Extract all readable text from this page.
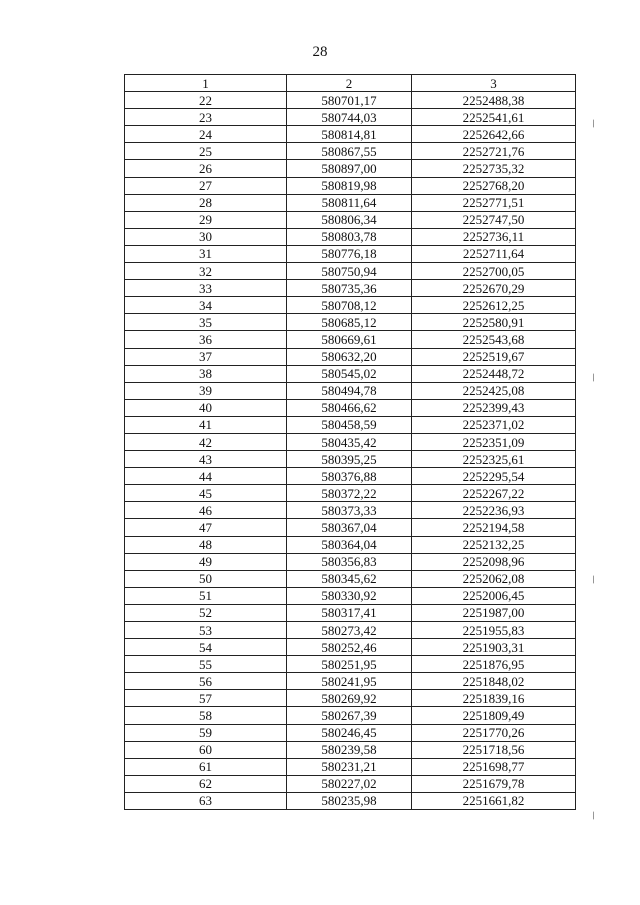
28
1	2	3
22	580701,17	2252488,38
23	580744,03	2252541,61
24	580814,81	2252642,66
25	580867,55	2252721,76
26	580897,00	2252735,32
27	580819,98	2252768,20
28	580811,64	2252771,51
29	580806,34	2252747,50
30	580803,78	2252736,11
31	580776,18	2252711,64
32	580750,94	2252700,05
33	580735,36	2252670,29
34	580708,12	2252612,25
35	580685,12	2252580,91
36	580669,61	2252543,68
37	580632,20	2252519,67
38	580545,02	2252448,72
39	580494,78	2252425,08
40	580466,62	2252399,43
41	580458,59	2252371,02
42	580435,42	2252351,09
43	580395,25	2252325,61
44	580376,88	2252295,54
45	580372,22	2252267,22
46	580373,33	2252236,93
47	580367,04	2252194,58
48	580364,04	2252132,25
49	580356,83	2252098,96
50	580345,62	2252062,08
51	580330,92	2252006,45
52	580317,41	2251987,00
53	580273,42	2251955,83
54	580252,46	2251903,31
55	580251,95	2251876,95
56	580241,95	2251848,02
57	580269,92	2251839,16
58	580267,39	2251809,49
59	580246,45	2251770,26
60	580239,58	2251718,56
61	580231,21	2251698,77
62	580227,02	2251679,78
63	580235,98	2251661,82
/
/
/
/
